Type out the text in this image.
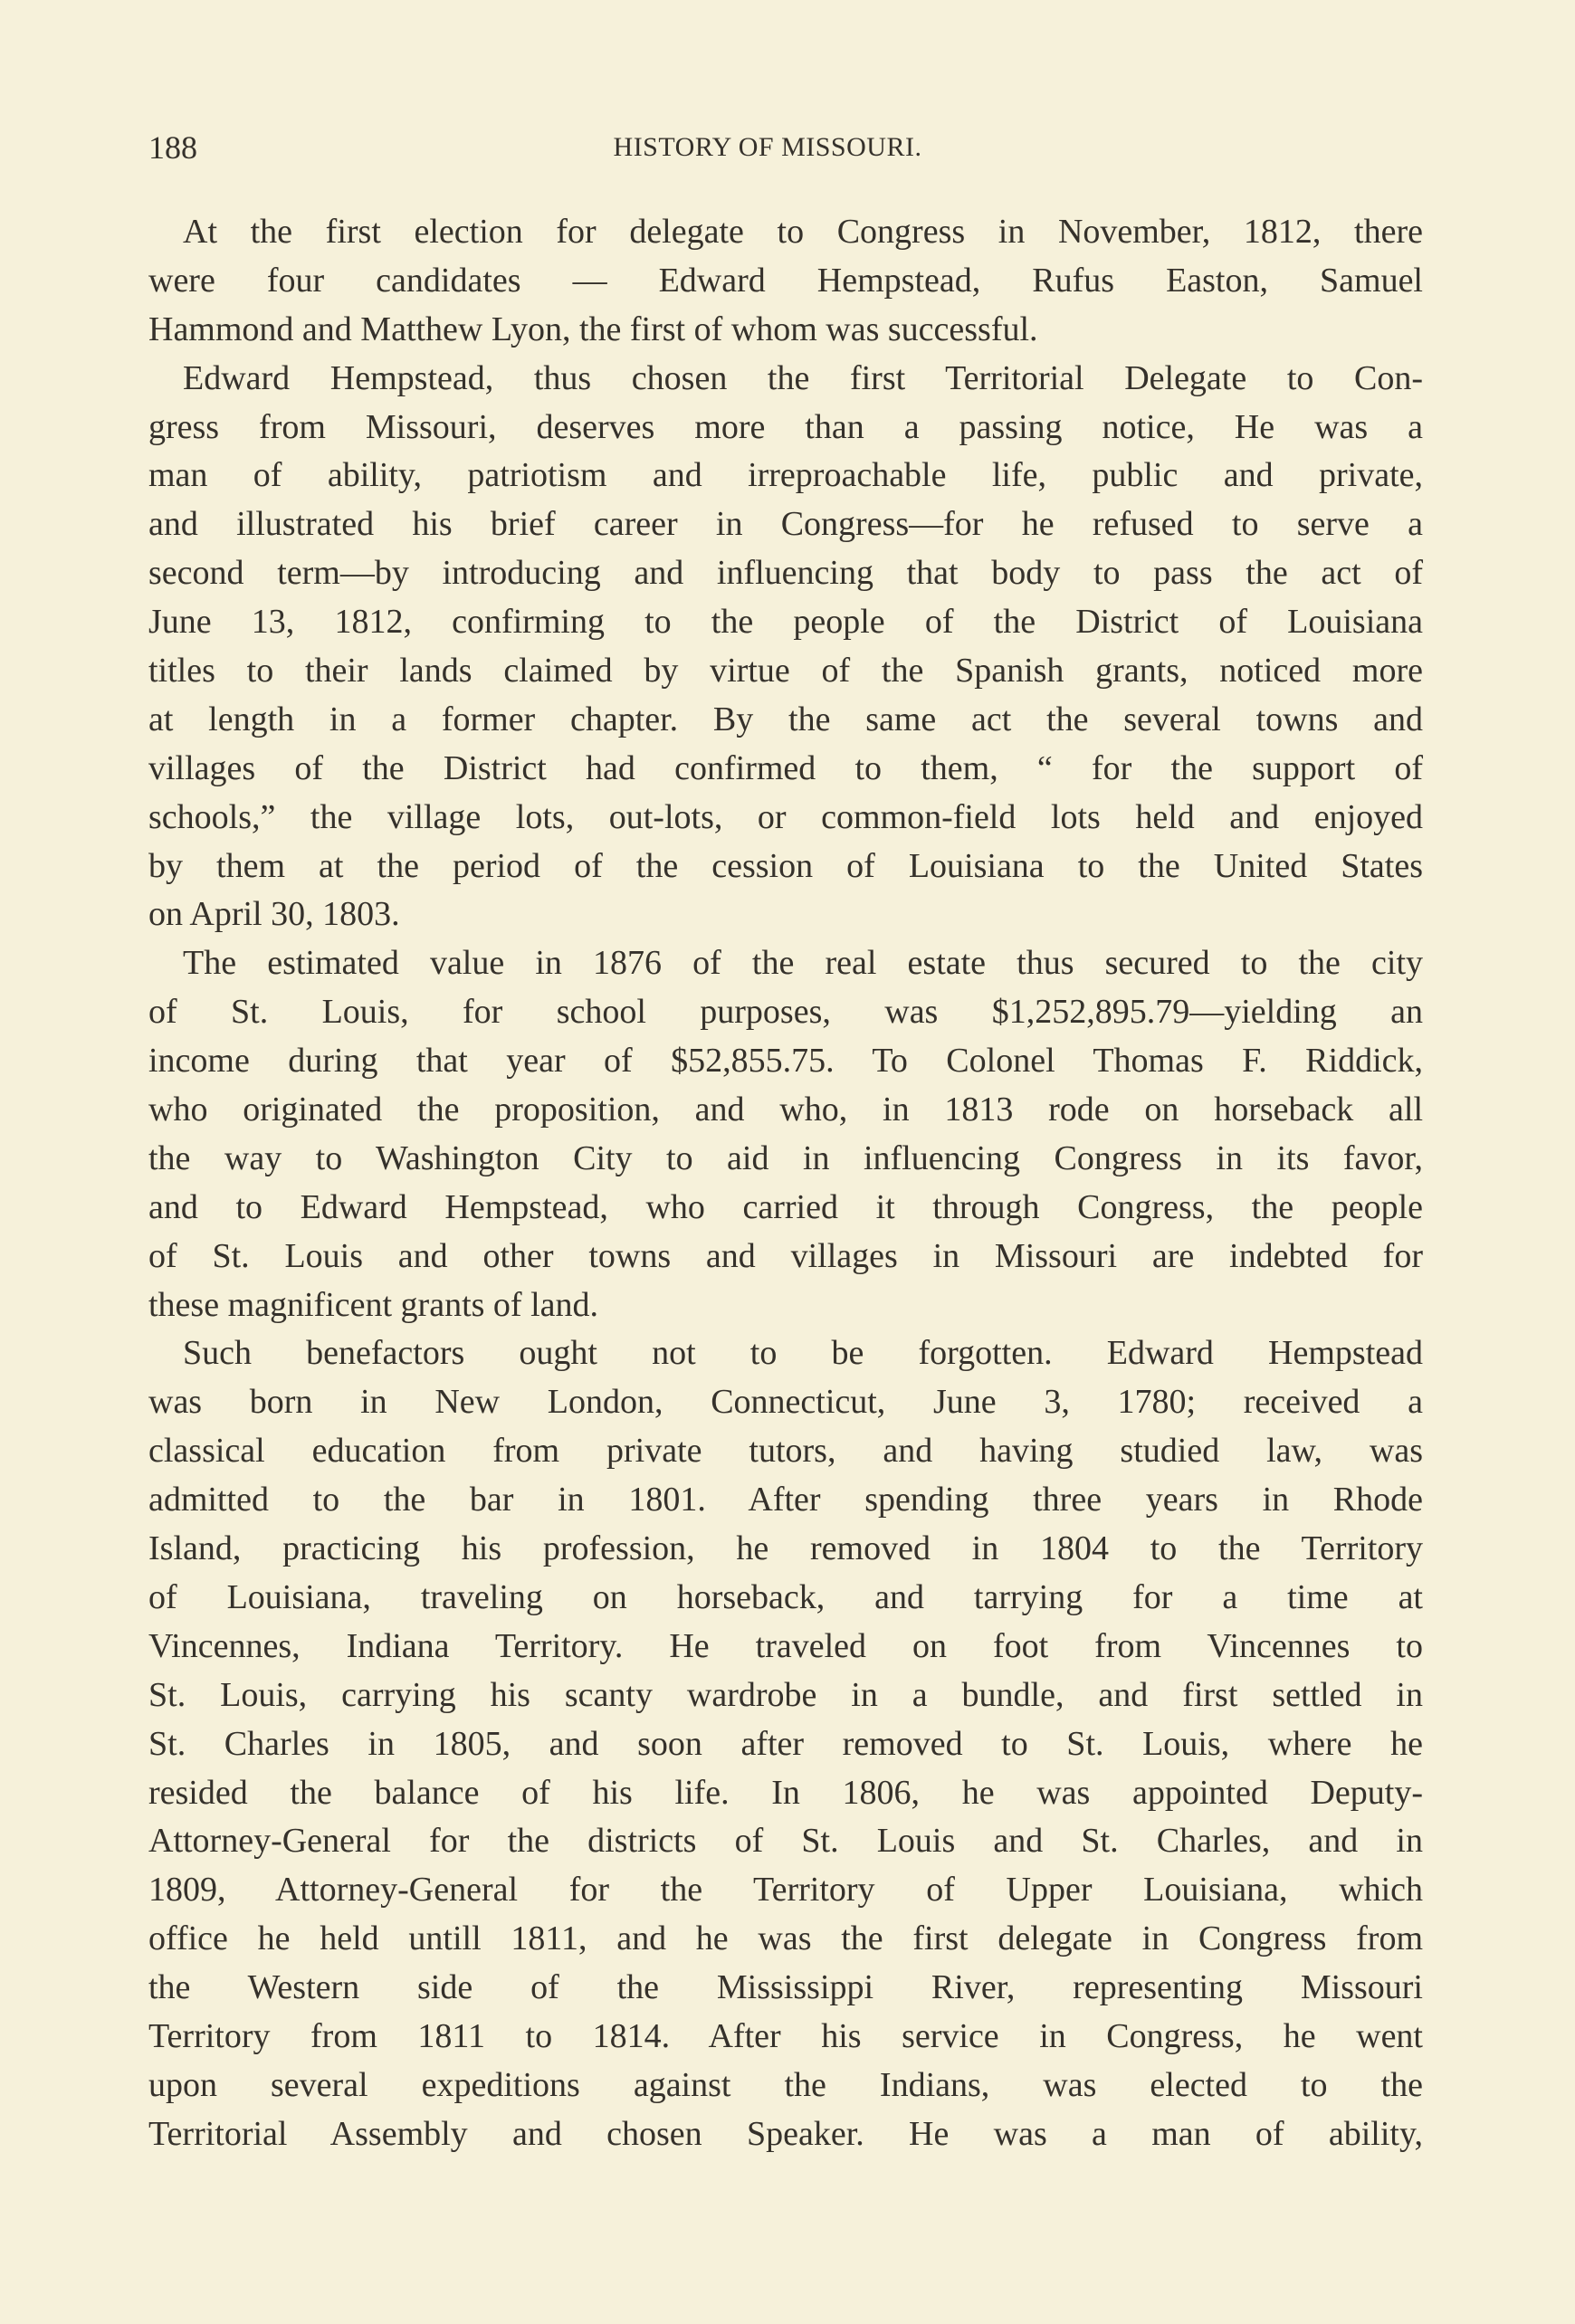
188	HISTORY OF MISSOURI.
At the first election for delegate to Congress in November, 1812, there
were four candidates — Edward Hempstead, Rufus Easton, Samuel
Hammond and Matthew Lyon, the first of whom was successful.
Edward Hempstead, thus chosen the first Territorial Delegate to Con-
gress from Missouri, deserves more than a passing notice, He was a
man of ability, patriotism and irreproachable life, public and private,
and illustrated his brief career in Congress—for he refused to serve a
second term—by introducing and influencing that body to pass the act of
June 13, 1812, confirming to the people of the District of Louisiana
titles to their lands claimed by virtue of the Spanish grants, noticed more
at length in a former chapter. By the same act the several towns and
villages of the District had confirmed to them, “ for the support of
schools,” the village lots, out-lots, or common-field lots held and enjoyed
by them at the period of the cession of Louisiana to the United States
on April 30, 1803.
The estimated value in 1876 of the real estate thus secured to the city
of St. Louis, for school purposes, was $1,252,895.79—yielding an
income during that year of $52,855.75. To Colonel Thomas F. Riddick,
who originated the proposition, and who, in 1813 rode on horseback all
the way to Washington City to aid in influencing Congress in its favor,
and to Edward Hempstead, who carried it through Congress, the people
of St. Louis and other towns and villages in Missouri are indebted for
these magnificent grants of land.
Such benefactors ought not to be forgotten. Edward Hempstead
was born in New London, Connecticut, June 3, 1780; received a
classical education from private tutors, and having studied law, was
admitted to the bar in 1801. After spending three years in Rhode
Island, practicing his profession, he removed in 1804 to the Territory
of Louisiana, traveling on horseback, and tarrying for a time at
Vincennes, Indiana Territory. He traveled on foot from Vincennes to
St. Louis, carrying his scanty wardrobe in a bundle, and first settled in
St. Charles in 1805, and soon after removed to St. Louis, where he
resided the balance of his life. In 1806, he was appointed Deputy-
Attorney-General for the districts of St. Louis and St. Charles, and in
1809, Attorney-General for the Territory of Upper Louisiana, which
office he held untill 1811, and he was the first delegate in Congress from
the Western side of the Mississippi River, representing Missouri
Territory from 1811 to 1814. After his service in Congress, he went
upon several expeditions against the Indians, was elected to the
Territorial Assembly and chosen Speaker. He was a man of ability,
